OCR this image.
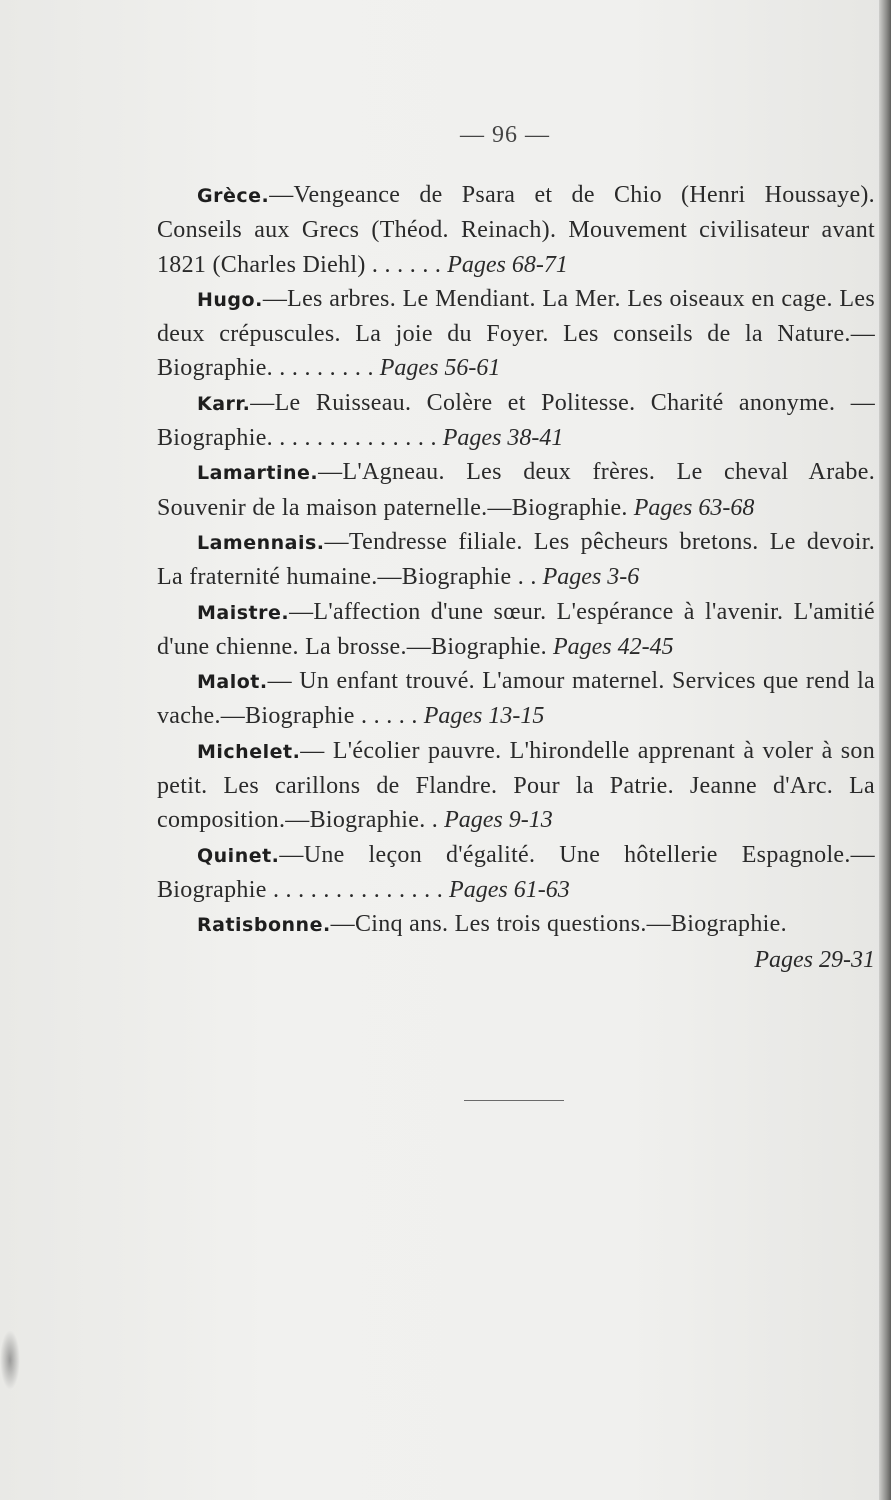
— 96 —

Grèce.—Vengeance de Psara et de Chio (Henri Houssaye). Conseils aux Grecs (Théod. Reinach). Mouvement civilisateur avant 1821 (Charles Diehl) . . . . . . Pages 68-71

Hugo.—Les arbres. Le Mendiant. La Mer. Les oiseaux en cage. Les deux crépuscules. La joie du Foyer. Les conseils de la Nature.—Biographie. . . . . . . . . Pages 56-61

Karr.—Le Ruisseau. Colère et Politesse. Charité anonyme. —Biographie. . . . . . . . . . . . . . Pages 38-41

Lamartine.—L'Agneau. Les deux frères. Le cheval Arabe. Souvenir de la maison paternelle.—Biographie. Pages 63-68

Lamennais.—Tendresse filiale. Les pêcheurs bretons. Le devoir. La fraternité humaine.—Biographie . . Pages 3-6

Maistre.—L'affection d'une sœur. L'espérance à l'avenir. L'amitié d'une chienne. La brosse.—Biographie. Pages 42-45

Malot.— Un enfant trouvé. L'amour maternel. Services que rend la vache.—Biographie . . . . . Pages 13-15

Michelet.— L'écolier pauvre. L'hirondelle apprenant à voler à son petit. Les carillons de Flandre. Pour la Patrie. Jeanne d'Arc. La composition.—Biographie. . Pages 9-13

Quinet.—Une leçon d'égalité. Une hôtellerie Espagnole.— Biographie . . . . . . . . . . . . . . Pages 61-63

Ratisbonne.—Cinq ans. Les trois questions.—Biographie.
Pages 29-31
